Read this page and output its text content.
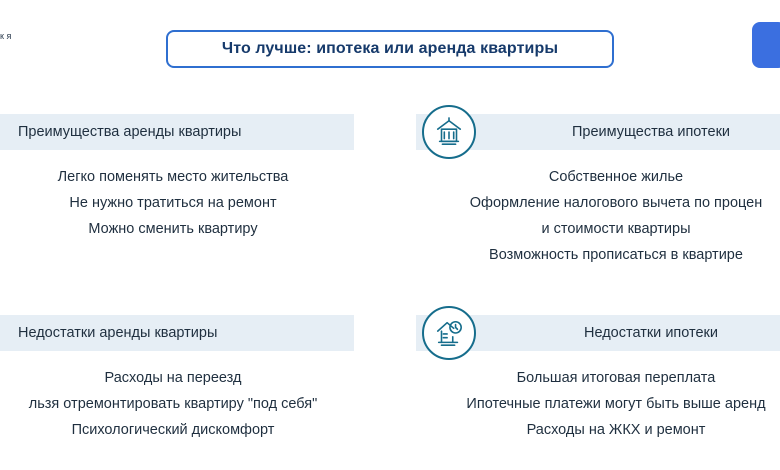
к я
Что лучше: ипотека или аренда квартиры
Преимущества аренды квартиры
Легко поменять место жительства
Не нужно тратиться на ремонт
Можно сменить квартиру
Преимущества ипотеки
Собственное жилье
Оформление налогового вычета по процен
и стоимости квартиры
Возможность прописаться в квартире
Недостатки аренды квартиры
Расходы на переезд
льзя отремонтировать квартиру "под себя"
Психологический дискомфорт
Недостатки ипотеки
Большая итоговая переплата
Ипотечные платежи могут быть выше аренд
Расходы на ЖКХ и ремонт
